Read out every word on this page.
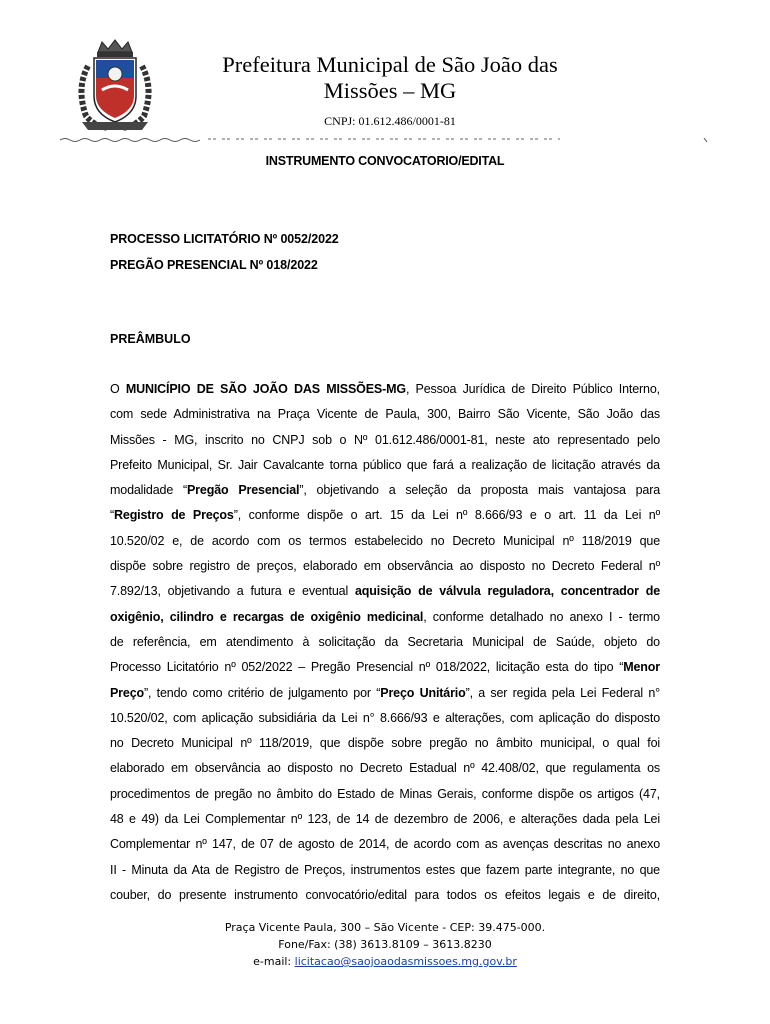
Prefeitura Municipal de São João das
Missões – MG
CNPJ: 01.612.486/0001-81
INSTRUMENTO CONVOCATORIO/EDITAL
PROCESSO LICITATÓRIO Nº 0052/2022
PREGÃO PRESENCIAL Nº 018/2022
PREÂMBULO
O MUNICÍPIO DE SÃO JOÃO DAS MISSÕES-MG, Pessoa Jurídica de Direito Público Interno,
com sede Administrativa na Praça Vicente de Paula, 300, Bairro São Vicente, São João das
Missões - MG, inscrito no CNPJ sob o Nº 01.612.486/0001-81, neste ato representado pelo
Prefeito Municipal, Sr. Jair Cavalcante torna público que fará a realização de licitação através da
modalidade “Pregão Presencial”, objetivando a seleção da proposta mais vantajosa para
“Registro de Preços”, conforme dispõe o art. 15 da Lei nº 8.666/93 e o art. 11 da Lei nº
10.520/02 e, de acordo com os termos estabelecido no Decreto Municipal nº 118/2019 que
dispõe sobre registro de preços, elaborado em observância ao disposto no Decreto Federal nº
7.892/13, objetivando a futura e eventual aquisição de válvula reguladora, concentrador de
oxigênio, cilindro e recargas de oxigênio medicinal, conforme detalhado no anexo I - termo
de referência, em atendimento à solicitação da Secretaria Municipal de Saúde, objeto do
Processo Licitatório nº 052/2022 – Pregão Presencial nº 018/2022, licitação esta do tipo “Menor
Preço”, tendo como critério de julgamento por “Preço Unitário”, a ser regida pela Lei Federal n°
10.520/02, com aplicação subsidiária da Lei n° 8.666/93 e alterações, com aplicação do disposto
no Decreto Municipal nº 118/2019, que dispõe sobre pregão no âmbito municipal, o qual foi
elaborado em observância ao disposto no Decreto Estadual nº 42.408/02, que regulamenta os
procedimentos de pregão no âmbito do Estado de Minas Gerais, conforme dispõe os artigos (47,
48 e 49) da Lei Complementar nº 123, de 14 de dezembro de 2006, e alterações dada pela Lei
Complementar nº 147, de 07 de agosto de 2014, de acordo com as avenças descritas no anexo
II - Minuta da Ata de Registro de Preços, instrumentos estes que fazem parte integrante, no que
couber, do presente instrumento convocatório/edital para todos os efeitos legais e de direito,
Praça Vicente Paula, 300 – São Vicente - CEP: 39.475-000.
Fone/Fax: (38) 3613.8109 – 3613.8230
e-mail: licitacao@saojoaodasmissoes.mg.gov.br
